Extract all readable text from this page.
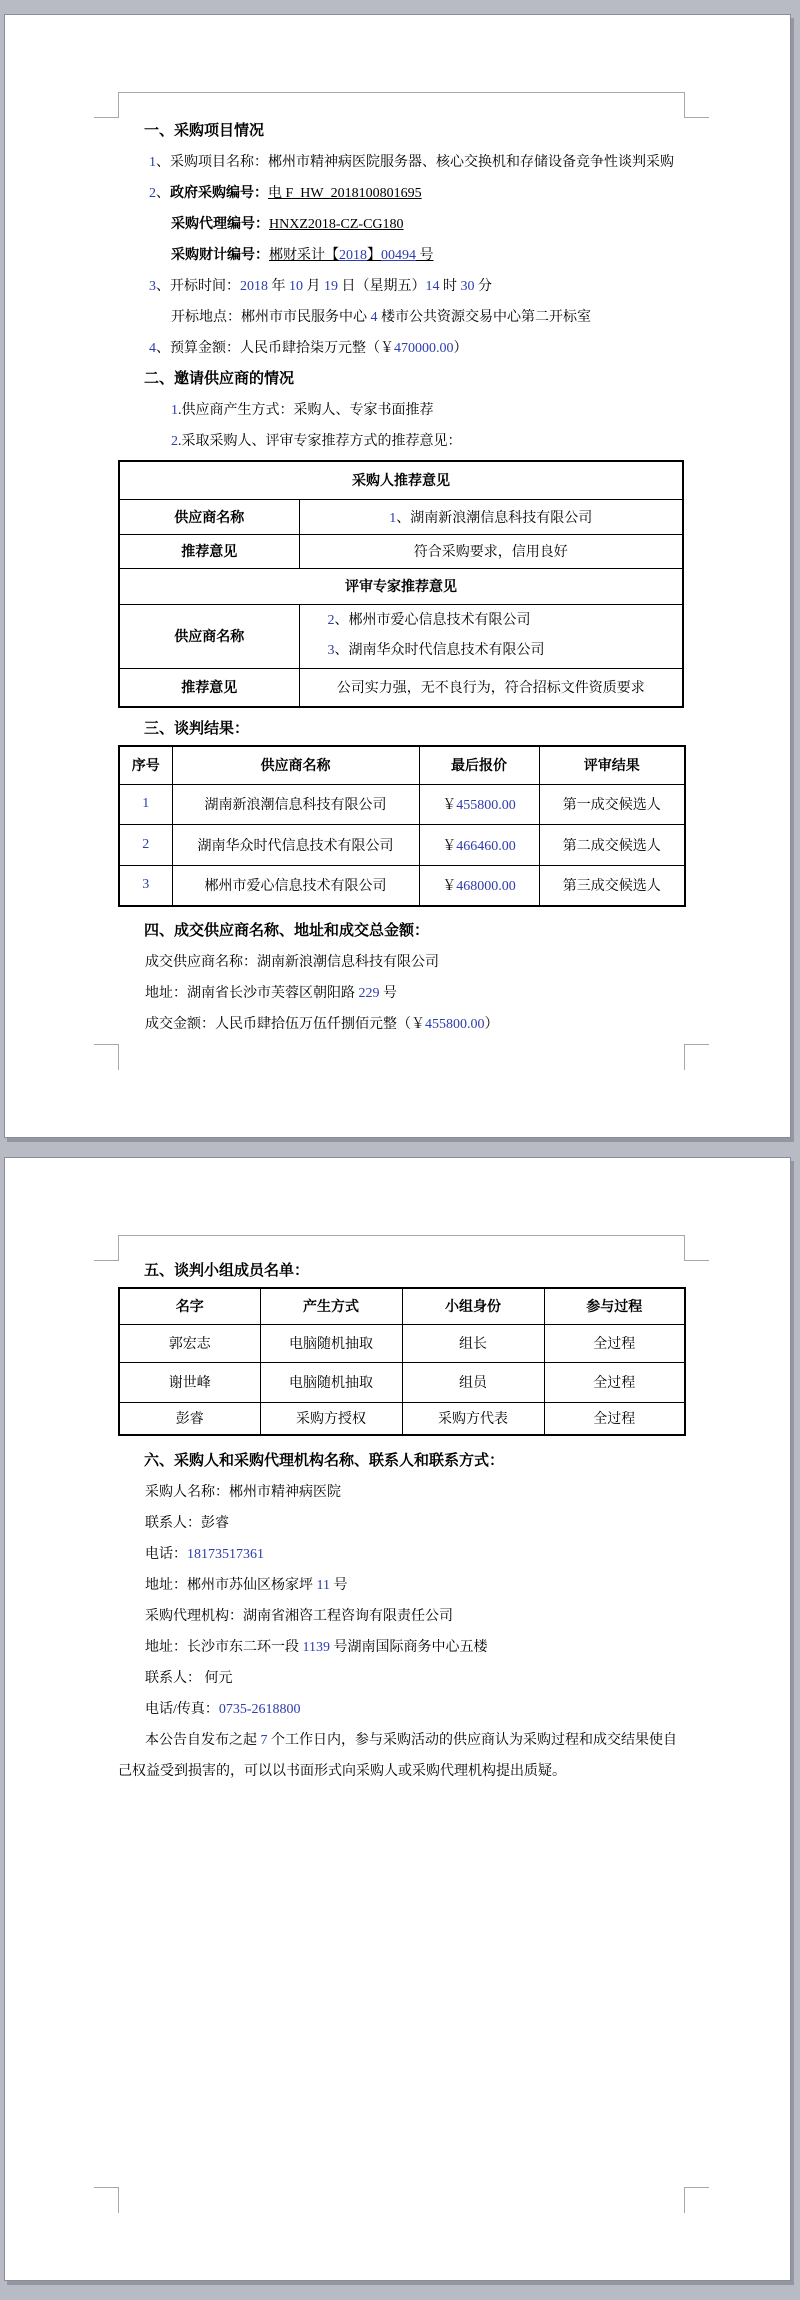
一、采购项目情况
1、采购项目名称：郴州市精神病医院服务器、核心交换机和存储设备竞争性谈判采购
2、政府采购编号：电 F_HW_2018100801695
采购代理编号：HNXZ2018-CZ-CG180
采购财计编号：郴财采计【2018】00494 号
3、开标时间：2018 年 10 月 19 日（星期五）14 时 30 分
开标地点：郴州市市民服务中心 4 楼市公共资源交易中心第二开标室
4、预算金额：人民币肆拾柒万元整（￥470000.00）
二、邀请供应商的情况
1.供应商产生方式：采购人、专家书面推荐
2.采取采购人、评审专家推荐方式的推荐意见：
采购人推荐意见	
供应商名称	1、湖南新浪潮信息科技有限公司
推荐意见	符合采购要求，信用良好
评审专家推荐意见	
供应商名称	2、郴州市爱心信息技术有限公司
3、湖南华众时代信息技术有限公司

推荐意见	公司实力强，无不良行为，符合招标文件资质要求
三、谈判结果：
序号	供应商名称	最后报价	评审结果
1	湖南新浪潮信息科技有限公司	￥455800.00	第一成交候选人
2	湖南华众时代信息技术有限公司	￥466460.00	第二成交候选人
3	郴州市爱心信息技术有限公司	￥468000.00	第三成交候选人
四、成交供应商名称、地址和成交总金额：
成交供应商名称：湖南新浪潮信息科技有限公司
地址：湖南省长沙市芙蓉区朝阳路 229 号
成交金额：人民币肆拾伍万伍仟捌佰元整（￥455800.00）
五、谈判小组成员名单：
名字	产生方式	小组身份	参与过程
郭宏志	电脑随机抽取	组长	全过程
谢世峰	电脑随机抽取	组员	全过程
彭睿	采购方授权	采购方代表	全过程
六、采购人和采购代理机构名称、联系人和联系方式：
采购人名称：郴州市精神病医院
联系人：彭睿
电话：18173517361
地址：郴州市苏仙区杨家坪 11 号
采购代理机构：湖南省湘咨工程咨询有限责任公司
地址：长沙市东二环一段 1139 号湖南国际商务中心五楼
联系人： 何元
电话/传真：0735-2618800
本公告自发布之起 7 个工作日内，参与采购活动的供应商认为采购过程和成交结果使自己权益受到损害的，可以以书面形式向采购人或采购代理机构提出质疑。
